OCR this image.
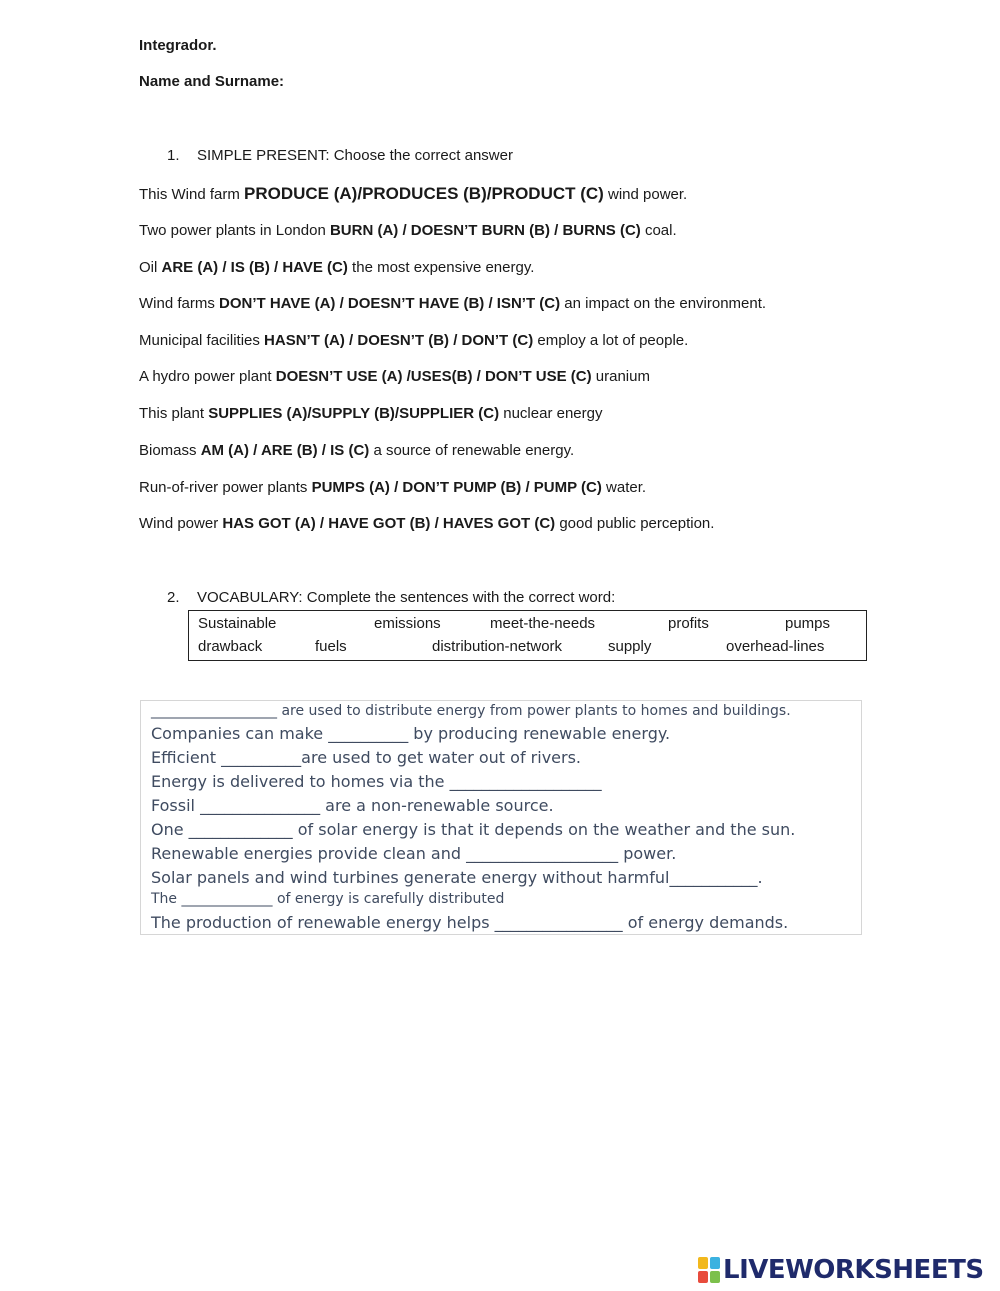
Integrador.
Name and Surname:
1. SIMPLE PRESENT: Choose the correct answer
This Wind farm PRODUCE (A)/PRODUCES (B)/PRODUCT (C) wind power.
Two power plants in London BURN (A) / DOESN’T BURN (B) / BURNS (C) coal.
Oil ARE (A) / IS (B) / HAVE (C) the most expensive energy.
Wind farms DON’T HAVE (A) / DOESN’T HAVE (B) / ISN’T (C) an impact on the environment.
Municipal facilities HASN’T (A) / DOESN’T (B) / DON’T (C) employ a lot of people.
A hydro power plant DOESN’T USE (A) /USES(B) / DON’T USE (C) uranium
This plant SUPPLIES (A)/SUPPLY (B)/SUPPLIER (C) nuclear energy
Biomass AM (A) / ARE (B) / IS (C) a source of renewable energy.
Run-of-river power plants PUMPS (A) / DON’T PUMP (B) / PUMP (C) water.
Wind power HAS GOT (A) / HAVE GOT (B) / HAVES GOT (C) good public perception.
2. VOCABULARY: Complete the sentences with the correct word:
Sustainable	emissions	meet-the-needs	profits	pumps
drawback	fuels	distribution-network	supply	overhead-lines
__________________ are used to distribute energy from power plants to homes and buildings.
Companies can make __________ by producing renewable energy.
Efficient __________are used to get water out of rivers.
Energy is delivered to homes via the ___________________
Fossil _______________ are a non-renewable source.
One _____________ of solar energy is that it depends on the weather and the sun.
Renewable energies provide clean and ___________________ power.
Solar panels and wind turbines generate energy without harmful___________.
The _____________ of energy is carefully distributed
The production of renewable energy helps ________________ of energy demands.
LIVEWORKSHEETS
